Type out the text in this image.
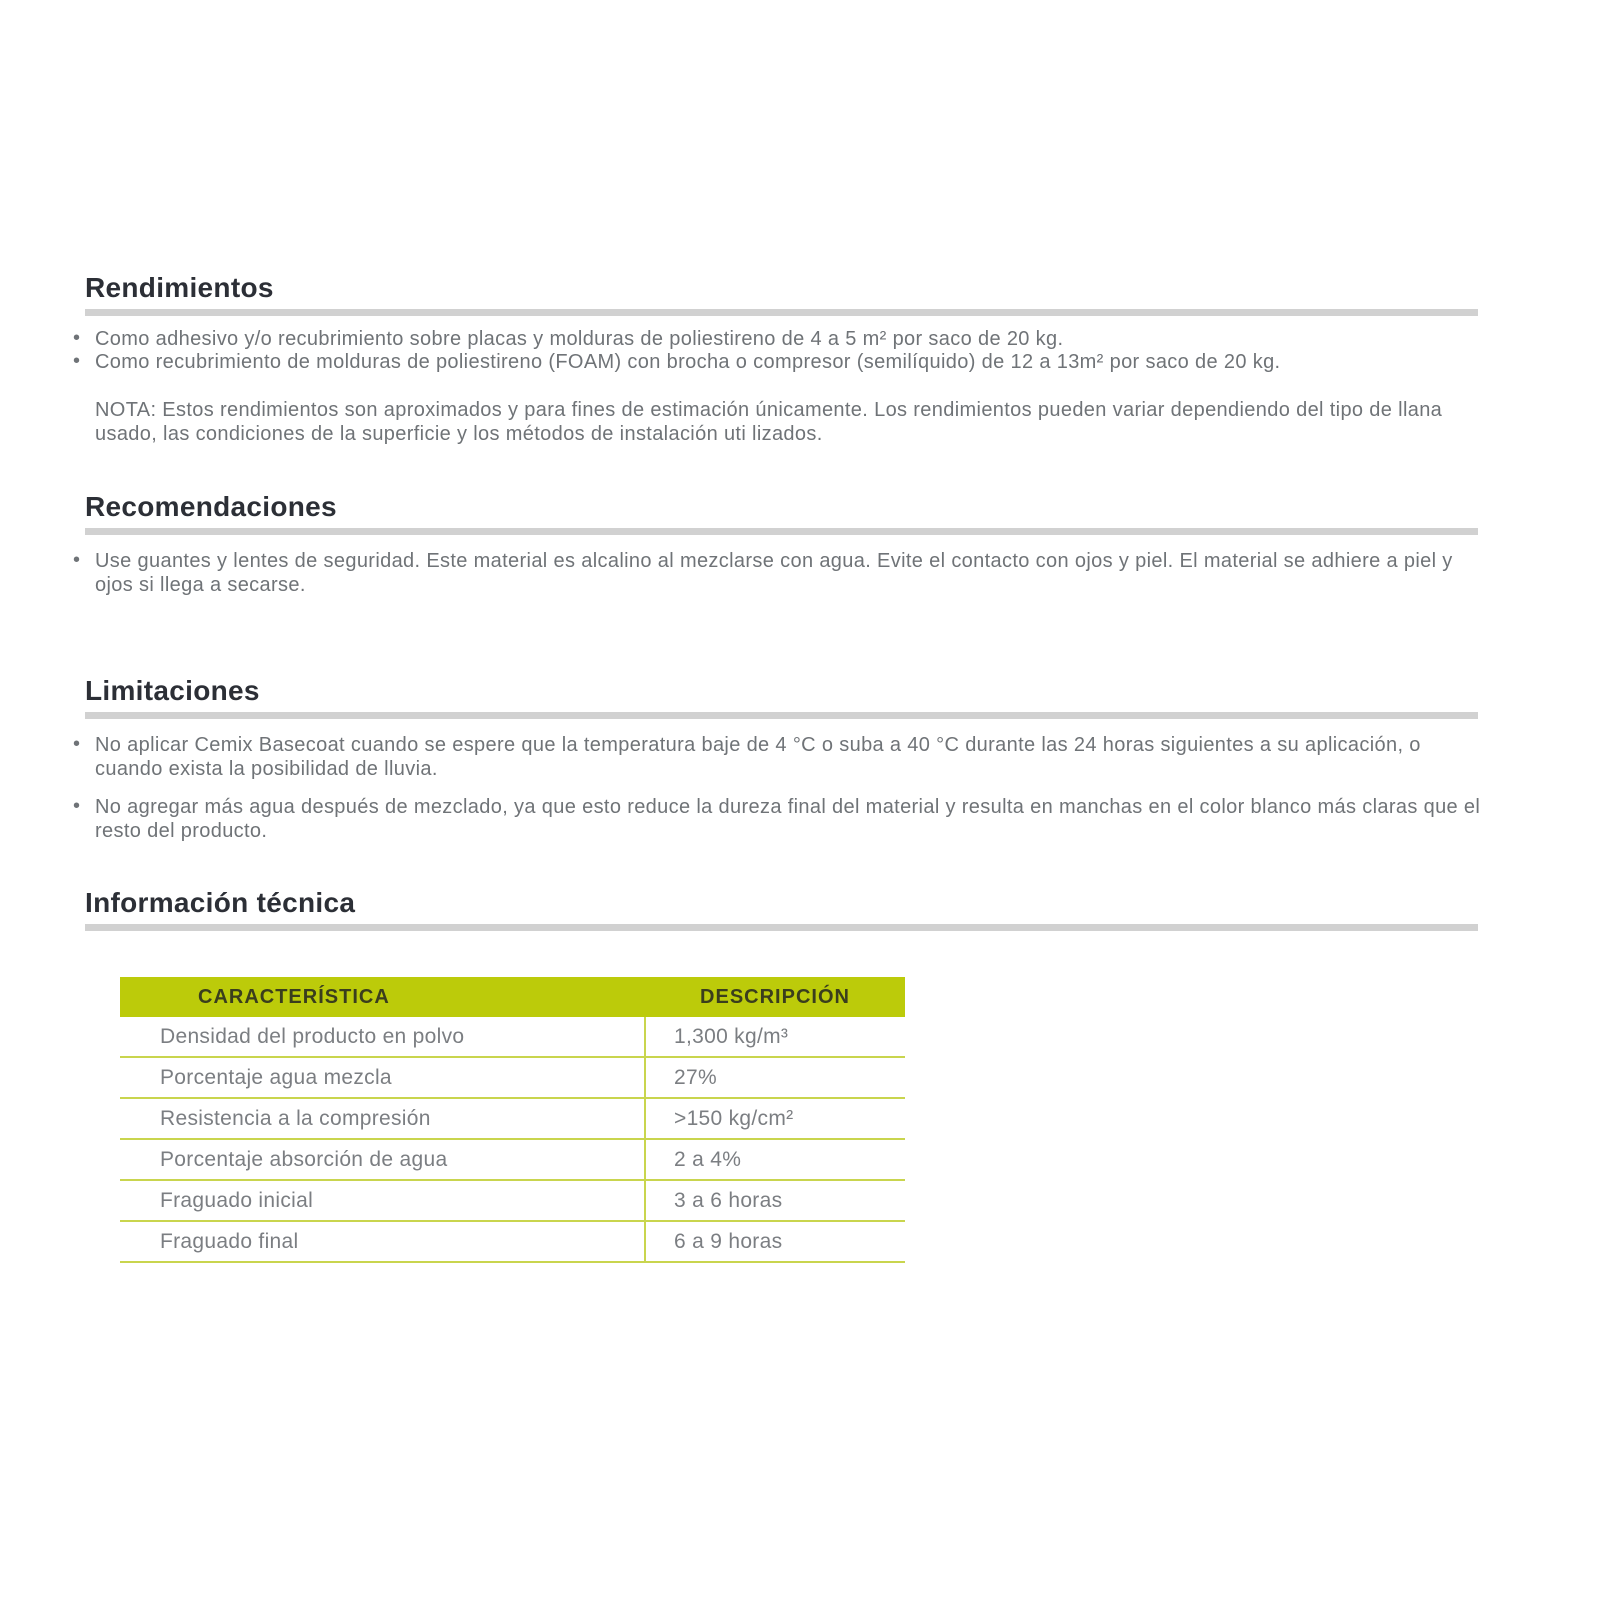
Rendimientos
• Como adhesivo y/o recubrimiento sobre placas y molduras de poliestireno de 4 a 5 m² por saco de 20 kg.
• Como recubrimiento de molduras de poliestireno (FOAM) con brocha o compresor (semilíquido) de 12 a 13m² por saco de 20 kg.

NOTA: Estos rendimientos son aproximados y para fines de estimación únicamente. Los rendimientos pueden variar dependiendo del tipo de llana usado, las condiciones de la superficie y los métodos de instalación uti lizados.

Recomendaciones
• Use guantes y lentes de seguridad. Este material es alcalino al mezclarse con agua. Evite el contacto con ojos y piel. El material se adhiere a piel y ojos si llega a secarse.
Limitaciones
• No aplicar Cemix Basecoat cuando se espere que la temperatura baje de 4 °C o suba a 40 °C durante las 24 horas siguientes a su aplicación, o cuando exista la posibilidad de lluvia.
• No agregar más agua después de mezclado, ya que esto reduce la dureza final del material y resulta en manchas en el color blanco más claras que el resto del producto.
Información técnica
CARACTERÍSTICA	DESCRIPCIÓN
Densidad del producto en polvo	1,300 kg/m³
Porcentaje agua mezcla	27%
Resistencia a la compresión	>150 kg/cm²
Porcentaje absorción de agua	2 a 4%
Fraguado inicial	3 a 6 horas
Fraguado final	6 a 9 horas
